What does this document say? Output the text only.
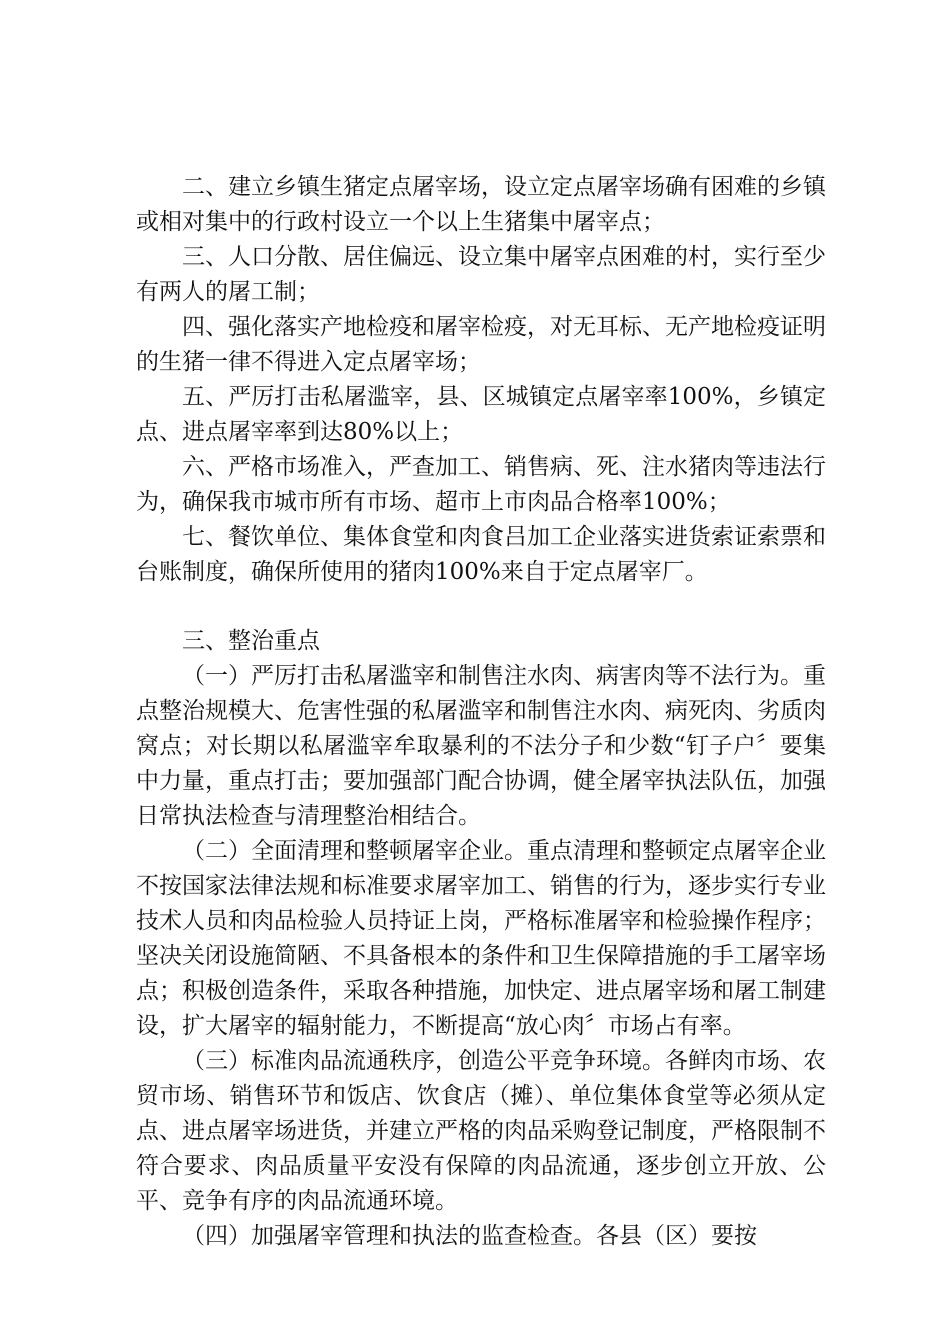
二、建立乡镇生猪定点屠宰场，设立定点屠宰场确有困难的乡镇或相对集中的行政村设立一个以上生猪集中屠宰点；

三、人口分散、居住偏远、设立集中屠宰点困难的村，实行至少有两人的屠工制；

四、强化落实产地检疫和屠宰检疫，对无耳标、无产地检疫证明的生猪一律不得进入定点屠宰场；

五、严厉打击私屠滥宰，县、区城镇定点屠宰率100%，乡镇定点、进点屠宰率到达80%以上；

六、严格市场准入，严查加工、销售病、死、注水猪肉等违法行为，确保我市城市所有市场、超市上市肉品合格率100%；

七、餐饮单位、集体食堂和肉食吕加工企业落实进货索证索票和台账制度，确保所使用的猪肉100%来自于定点屠宰厂。

三、整治重点

（一）严厉打击私屠滥宰和制售注水肉、病害肉等不法行为。重点整治规模大、危害性强的私屠滥宰和制售注水肉、病死肉、劣质肉窝点；对长期以私屠滥宰牟取暴利的不法分子和少数“钉子户〞要集中力量，重点打击；要加强部门配合协调，健全屠宰执法队伍，加强日常执法检查与清理整治相结合。

（二）全面清理和整顿屠宰企业。重点清理和整顿定点屠宰企业不按国家法律法规和标准要求屠宰加工、销售的行为，逐步实行专业技术人员和肉品检验人员持证上岗，严格标准屠宰和检验操作程序；坚决关闭设施简陋、不具备根本的条件和卫生保障措施的手工屠宰场点；积极创造条件，采取各种措施，加快定、进点屠宰场和屠工制建设，扩大屠宰的辐射能力，不断提高“放心肉〞市场占有率。

（三）标准肉品流通秩序，创造公平竞争环境。各鲜肉市场、农贸市场、销售环节和饭店、饮食店（摊）、单位集体食堂等必须从定点、进点屠宰场进货，并建立严格的肉品采购登记制度，严格限制不符合要求、肉品质量平安没有保障的肉品流通，逐步创立开放、公平、竞争有序的肉品流通环境。

（四）加强屠宰管理和执法的监查检查。各县（区）要按
